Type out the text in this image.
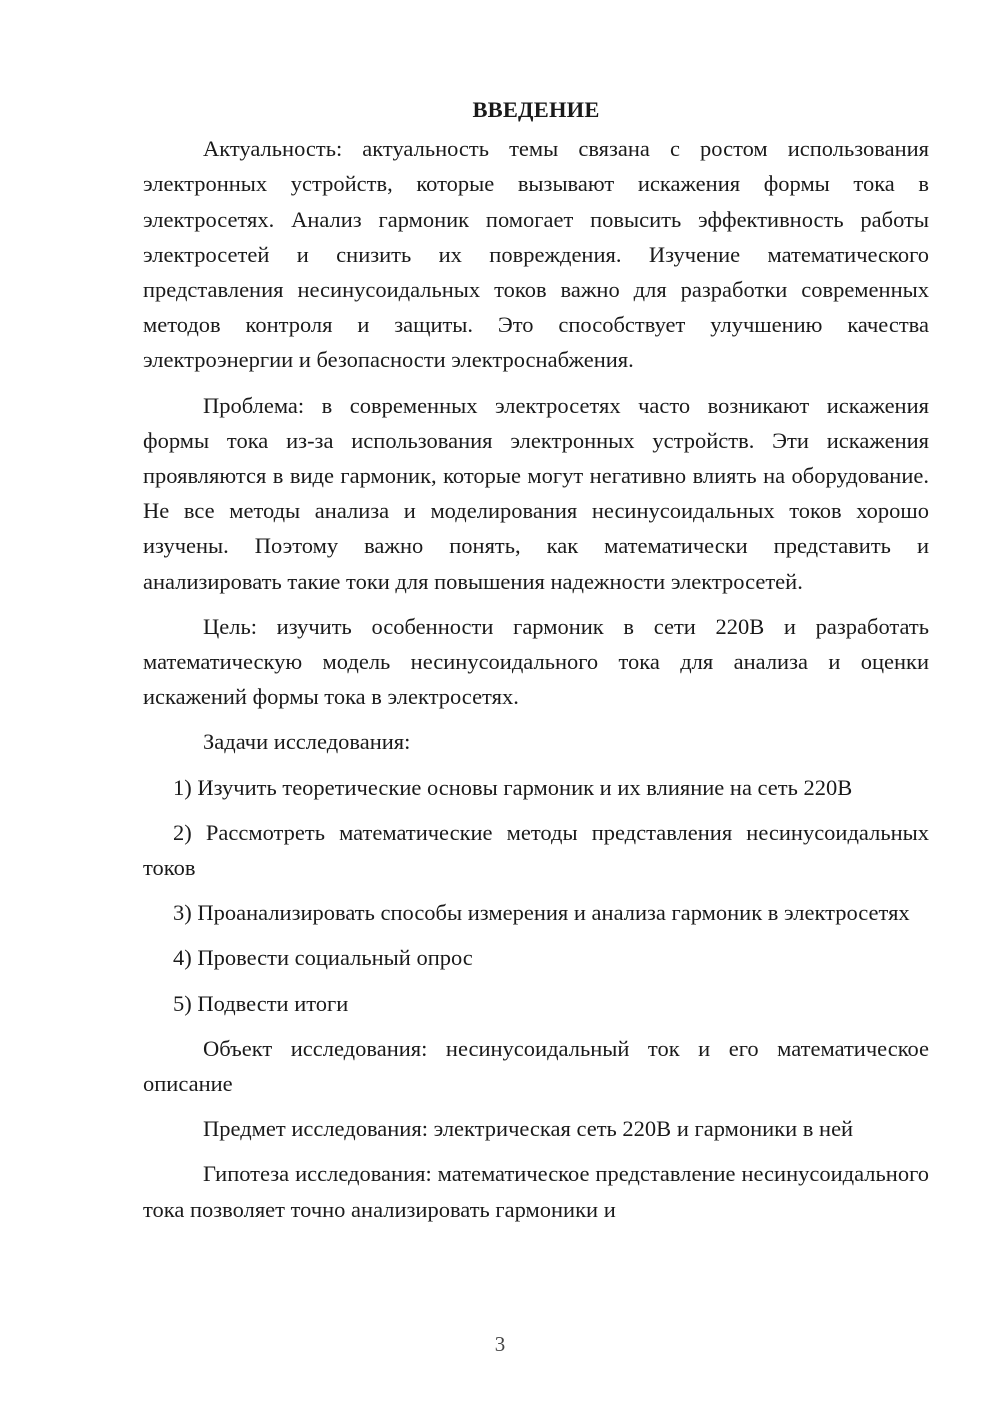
ВВЕДЕНИЕ

Актуальность: актуальность темы связана с ростом использования электронных устройств, которые вызывают искажения формы тока в электросетях. Анализ гармоник помогает повысить эффективность работы электросетей и снизить их повреждения. Изучение математического представления несинусоидальных токов важно для разработки современных методов контроля и защиты. Это способствует улучшению качества электроэнергии и безопасности электроснабжения.

Проблема: в современных электросетях часто возникают искажения формы тока из-за использования электронных устройств. Эти искажения проявляются в виде гармоник, которые могут негативно влиять на оборудование. Не все методы анализа и моделирования несинусоидальных токов хорошо изучены. Поэтому важно понять, как математически представить и анализировать такие токи для повышения надежности электросетей.

Цель: изучить особенности гармоник в сети 220В и разработать математическую модель несинусоидального тока для анализа и оценки искажений формы тока в электросетях.

Задачи исследования:

1) Изучить теоретические основы гармоник и их влияние на сеть 220В

2) Рассмотреть математические методы представления несинусоидальных токов

3) Проанализировать способы измерения и анализа гармоник в электросетях

4) Провести социальный опрос

5) Подвести итоги

Объект исследования: несинусоидальный ток и его математическое описание

Предмет исследования: электрическая сеть 220В и гармоники в ней

Гипотеза исследования: математическое представление несинусоидального тока позволяет точно анализировать гармоники и

3
